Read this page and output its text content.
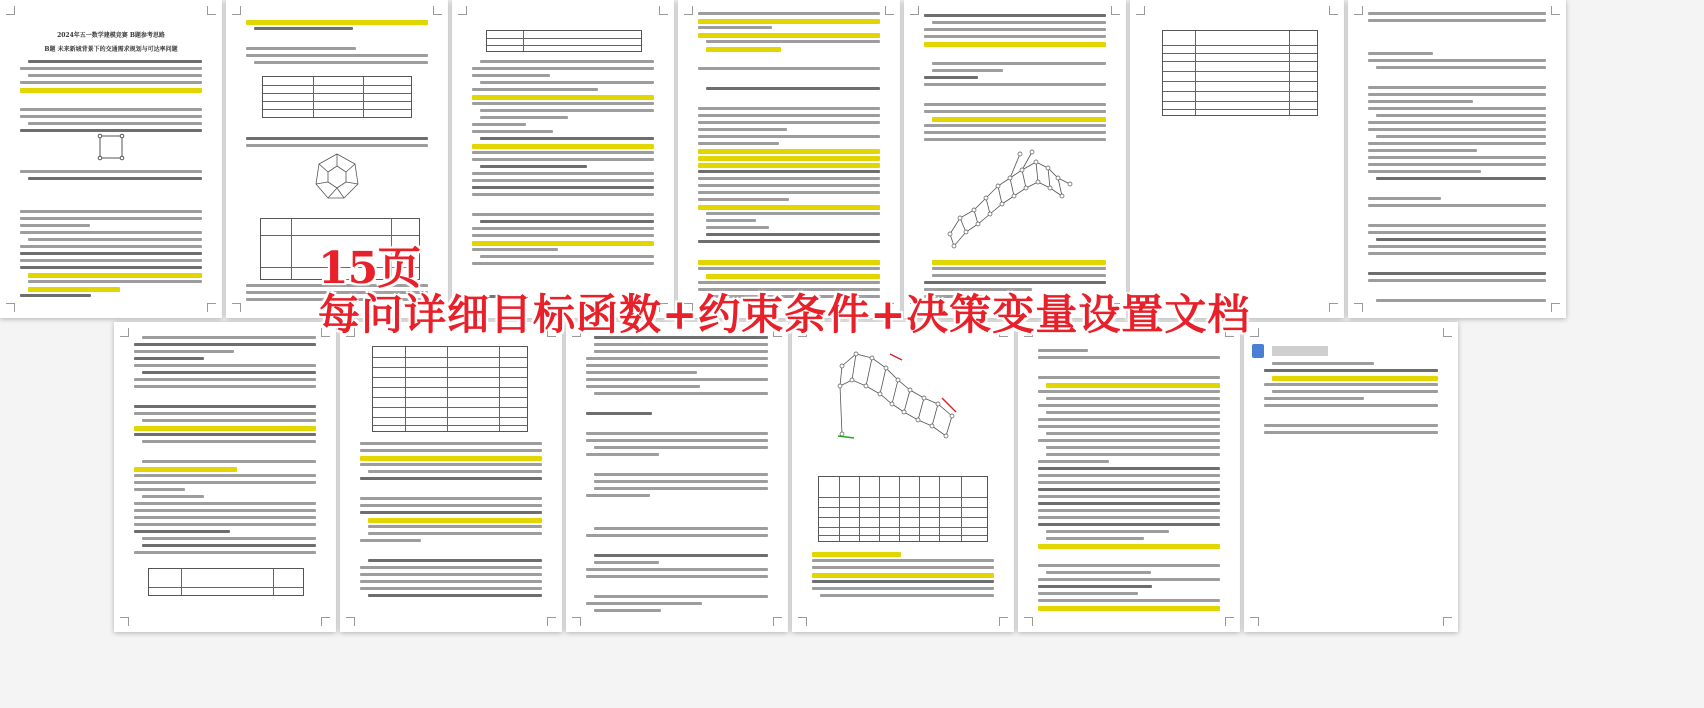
2024年五一数学建模竞赛 B题参考思路
B题 未来新城背景下的交通需求规划与可达率问题
15页
每问详细目标函数+约束条件+决策变量设置文档
